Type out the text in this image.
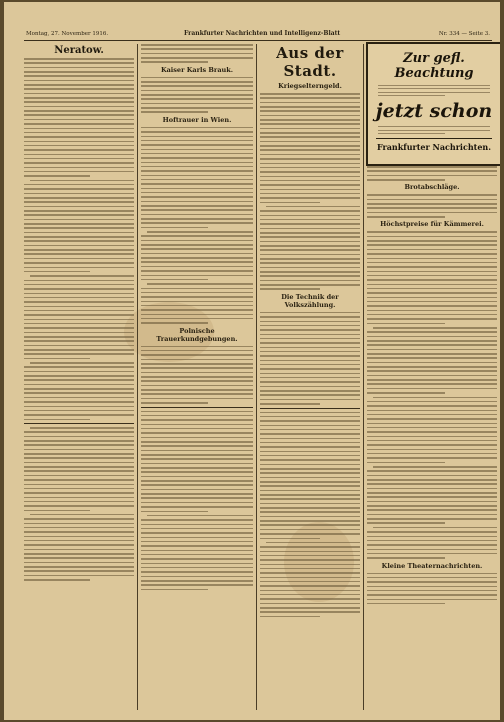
Montag, 27. November 1916.	Frankfurter Nachrichten und Intelligenz-Blatt	Nr. 334 — Seite 3.
Neratow.
Kaiser Karls Brauk.
Hoftrauer in Wien.
Polnische Trauerkundgebungen.
Aus der Stadt.
Kriegselterngeld.
Die Technik der Volkszählung.
Brotabschläge.
Höchstpreise für Kämmerei.
Kleine Theaternachrichten.
Zur gefl. Beachtung
jetzt schon
Frankfurter Nachrichten.
